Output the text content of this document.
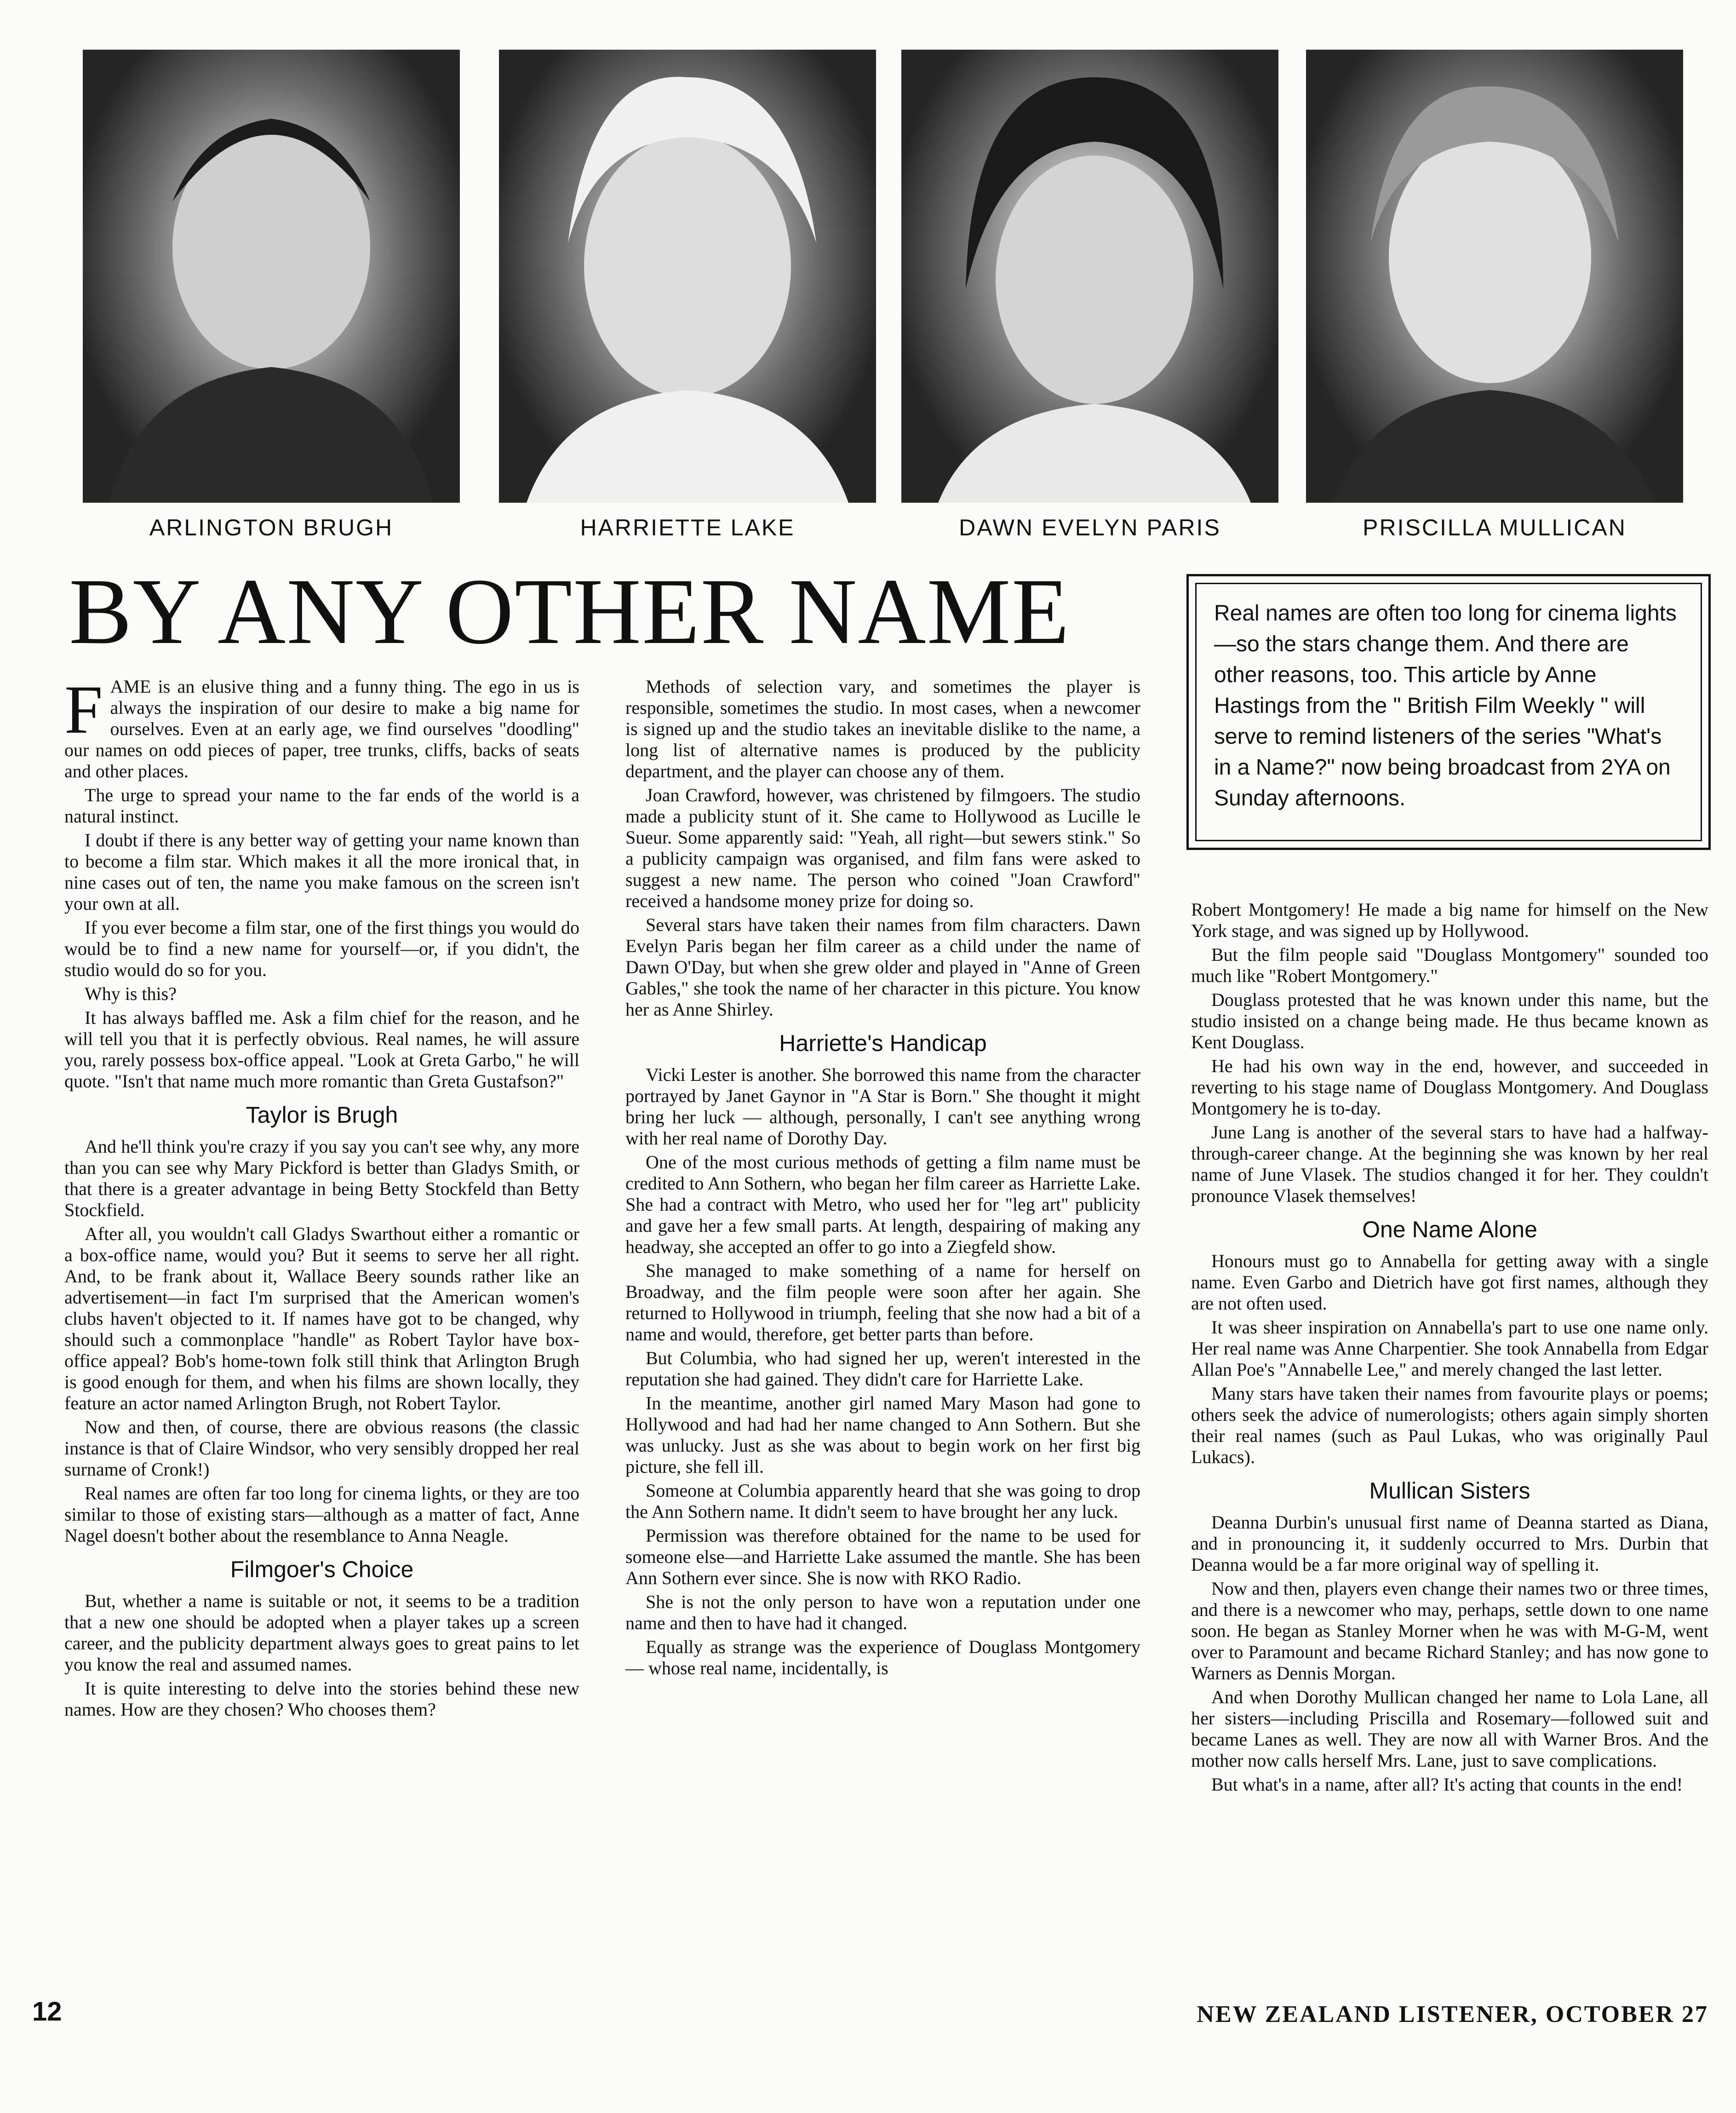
ARLINGTON BRUGH	HARRIETTE LAKE	DAWN EVELYN PARIS	PRISCILLA MULLICAN
BY ANY OTHER NAME	Real names are often too long for cinema lights—so the stars change them. And there are other reasons, too. This article by Anne Hastings from the " British Film Weekly " will serve to remind listeners of the series "What's in a Name?" now being broadcast from 2YA on Sunday afternoons.

FAME is an elusive thing and a funny thing. The ego in us is always the inspiration of our desire to make a big name for ourselves. Even at an early age, we find ourselves "doodling" our names on odd pieces of paper, tree trunks, cliffs, backs of seats and other places.

The urge to spread your name to the far ends of the world is a natural instinct.

I doubt if there is any better way of getting your name known than to become a film star. Which makes it all the more ironical that, in nine cases out of ten, the name you make famous on the screen isn't your own at all.

If you ever become a film star, one of the first things you would do would be to find a new name for yourself—or, if you didn't, the studio would do so for you.

Why is this?

It has always baffled me. Ask a film chief for the reason, and he will tell you that it is perfectly obvious. Real names, he will assure you, rarely possess box-office appeal. "Look at Greta Garbo," he will quote. "Isn't that name much more romantic than Greta Gustafson?"

Taylor is Brugh

And he'll think you're crazy if you say you can't see why, any more than you can see why Mary Pickford is better than Gladys Smith, or that there is a greater advantage in being Betty Stockfeld than Betty Stockfield.

After all, you wouldn't call Gladys Swarthout either a romantic or a box-office name, would you? But it seems to serve her all right. And, to be frank about it, Wallace Beery sounds rather like an advertisement—in fact I'm surprised that the American women's clubs haven't objected to it. If names have got to be changed, why should such a commonplace "handle" as Robert Taylor have box-office appeal? Bob's home-town folk still think that Arlington Brugh is good enough for them, and when his films are shown locally, they feature an actor named Arlington Brugh, not Robert Taylor.

Now and then, of course, there are obvious reasons (the classic instance is that of Claire Windsor, who very sensibly dropped her real surname of Cronk!)

Real names are often far too long for cinema lights, or they are too similar to those of existing stars—although as a matter of fact, Anne Nagel doesn't bother about the resemblance to Anna Neagle.

Filmgoer's Choice

But, whether a name is suitable or not, it seems to be a tradition that a new one should be adopted when a player takes up a screen career, and the publicity department always goes to great pains to let you know the real and assumed names.

It is quite interesting to delve into the stories behind these new names. How are they chosen? Who chooses them?

Methods of selection vary, and sometimes the player is responsible, sometimes the studio. In most cases, when a newcomer is signed up and the studio takes an inevitable dislike to the name, a long list of alternative names is produced by the publicity department, and the player can choose any of them.

Joan Crawford, however, was christened by filmgoers. The studio made a publicity stunt of it. She came to Hollywood as Lucille le Sueur. Some apparently said: "Yeah, all right—but sewers stink." So a publicity campaign was organised, and film fans were asked to suggest a new name. The person who coined "Joan Crawford" received a handsome money prize for doing so.

Several stars have taken their names from film characters. Dawn Evelyn Paris began her film career as a child under the name of Dawn O'Day, but when she grew older and played in "Anne of Green Gables," she took the name of her character in this picture. You know her as Anne Shirley.

Harriette's Handicap

Vicki Lester is another. She borrowed this name from the character portrayed by Janet Gaynor in "A Star is Born." She thought it might bring her luck — although, personally, I can't see anything wrong with her real name of Dorothy Day.

One of the most curious methods of getting a film name must be credited to Ann Sothern, who began her film career as Harriette Lake. She had a contract with Metro, who used her for "leg art" publicity and gave her a few small parts. At length, despairing of making any headway, she accepted an offer to go into a Ziegfeld show.

She managed to make something of a name for herself on Broadway, and the film people were soon after her again. She returned to Hollywood in triumph, feeling that she now had a bit of a name and would, therefore, get better parts than before.

But Columbia, who had signed her up, weren't interested in the reputation she had gained. They didn't care for Harriette Lake.

In the meantime, another girl named Mary Mason had gone to Hollywood and had had her name changed to Ann Sothern. But she was unlucky. Just as she was about to begin work on her first big picture, she fell ill.

Someone at Columbia apparently heard that she was going to drop the Ann Sothern name. It didn't seem to have brought her any luck.

Permission was therefore obtained for the name to be used for someone else—and Harriette Lake assumed the mantle. She has been Ann Sothern ever since. She is now with RKO Radio.

She is not the only person to have won a reputation under one name and then to have had it changed.

Equally as strange was the experience of Douglass Montgomery — whose real name, incidentally, is

Robert Montgomery! He made a big name for himself on the New York stage, and was signed up by Hollywood.

But the film people said "Douglass Montgomery" sounded too much like "Robert Montgomery."

Douglass protested that he was known under this name, but the studio insisted on a change being made. He thus became known as Kent Douglass.

He had his own way in the end, however, and succeeded in reverting to his stage name of Douglass Montgomery. And Douglass Montgomery he is to-day.

June Lang is another of the several stars to have had a halfway-through-career change. At the beginning she was known by her real name of June Vlasek. The studios changed it for her. They couldn't pronounce Vlasek themselves!

One Name Alone

Honours must go to Annabella for getting away with a single name. Even Garbo and Dietrich have got first names, although they are not often used.

It was sheer inspiration on Annabella's part to use one name only. Her real name was Anne Charpentier. She took Annabella from Edgar Allan Poe's "Annabelle Lee," and merely changed the last letter.

Many stars have taken their names from favourite plays or poems; others seek the advice of numerologists; others again simply shorten their real names (such as Paul Lukas, who was originally Paul Lukacs).

Mullican Sisters

Deanna Durbin's unusual first name of Deanna started as Diana, and in pronouncing it, it suddenly occurred to Mrs. Durbin that Deanna would be a far more original way of spelling it.

Now and then, players even change their names two or three times, and there is a newcomer who may, perhaps, settle down to one name soon. He began as Stanley Morner when he was with M-G-M, went over to Paramount and became Richard Stanley; and has now gone to Warners as Dennis Morgan.

And when Dorothy Mullican changed her name to Lola Lane, all her sisters—including Priscilla and Rosemary—followed suit and became Lanes as well. They are now all with Warner Bros. And the mother now calls herself Mrs. Lane, just to save complications.

But what's in a name, after all? It's acting that counts in the end!

12	NEW ZEALAND LISTENER, OCTOBER 27
